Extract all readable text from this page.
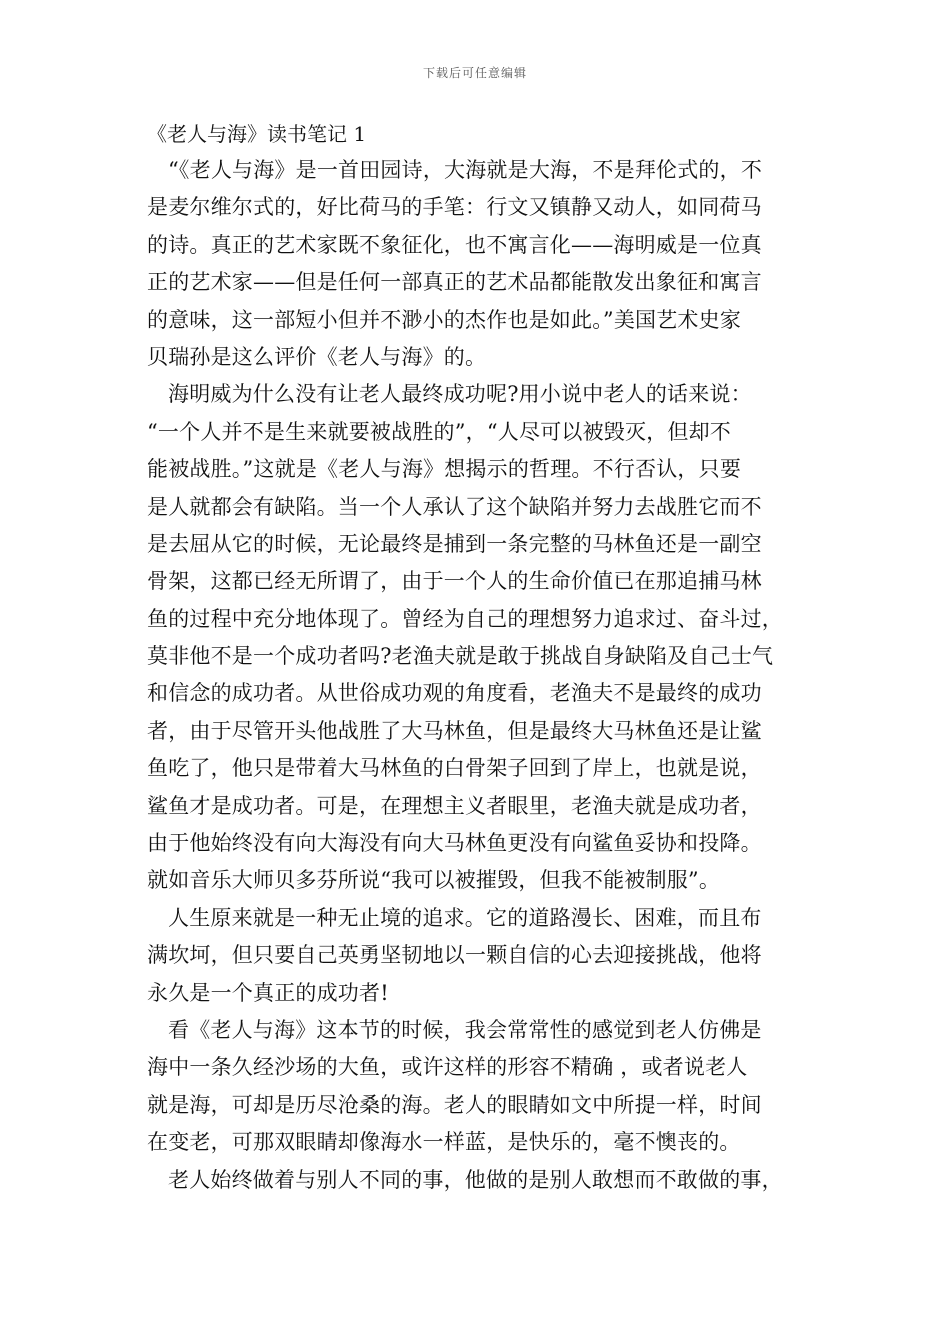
下载后可任意编辑
《老人与海》读书笔记 1
“《老人与海》是一首田园诗，大海就是大海，不是拜伦式的，不
是麦尔维尔式的，好比荷马的手笔：行文又镇静又动人，如同荷马
的诗。真正的艺术家既不象征化，也不寓言化——海明威是一位真
正的艺术家——但是任何一部真正的艺术品都能散发出象征和寓言
的意味，这一部短小但并不渺小的杰作也是如此。”美国艺术史家
贝瑞孙是这么评价《老人与海》的。
海明威为什么没有让老人最终成功呢?用小说中老人的话来说：
“一个人并不是生来就要被战胜的”，“人尽可以被毁灭，但却不
能被战胜。”这就是《老人与海》想揭示的哲理。不行否认，只要
是人就都会有缺陷。当一个人承认了这个缺陷并努力去战胜它而不
是去屈从它的时候，无论最终是捕到一条完整的马林鱼还是一副空
骨架，这都已经无所谓了，由于一个人的生命价值已在那追捕马林
鱼的过程中充分地体现了。曾经为自己的理想努力追求过、奋斗过，
莫非他不是一个成功者吗?老渔夫就是敢于挑战自身缺陷及自己士气
和信念的成功者。从世俗成功观的角度看，老渔夫不是最终的成功
者，由于尽管开头他战胜了大马林鱼，但是最终大马林鱼还是让鲨
鱼吃了，他只是带着大马林鱼的白骨架子回到了岸上，也就是说，
鲨鱼才是成功者。可是，在理想主义者眼里，老渔夫就是成功者，
由于他始终没有向大海没有向大马林鱼更没有向鲨鱼妥协和投降。
就如音乐大师贝多芬所说“我可以被摧毁，但我不能被制服”。
人生原来就是一种无止境的追求。它的道路漫长、困难，而且布
满坎坷，但只要自己英勇坚韧地以一颗自信的心去迎接挑战，他将
永久是一个真正的成功者!
看《老人与海》这本节的时候，我会常常性的感觉到老人仿佛是
海中一条久经沙场的大鱼，或许这样的形容不精确 ，或者说老人
就是海，可却是历尽沧桑的海。老人的眼睛如文中所提一样，时间
在变老，可那双眼睛却像海水一样蓝，是快乐的，毫不懊丧的。
老人始终做着与别人不同的事，他做的是别人敢想而不敢做的事，
